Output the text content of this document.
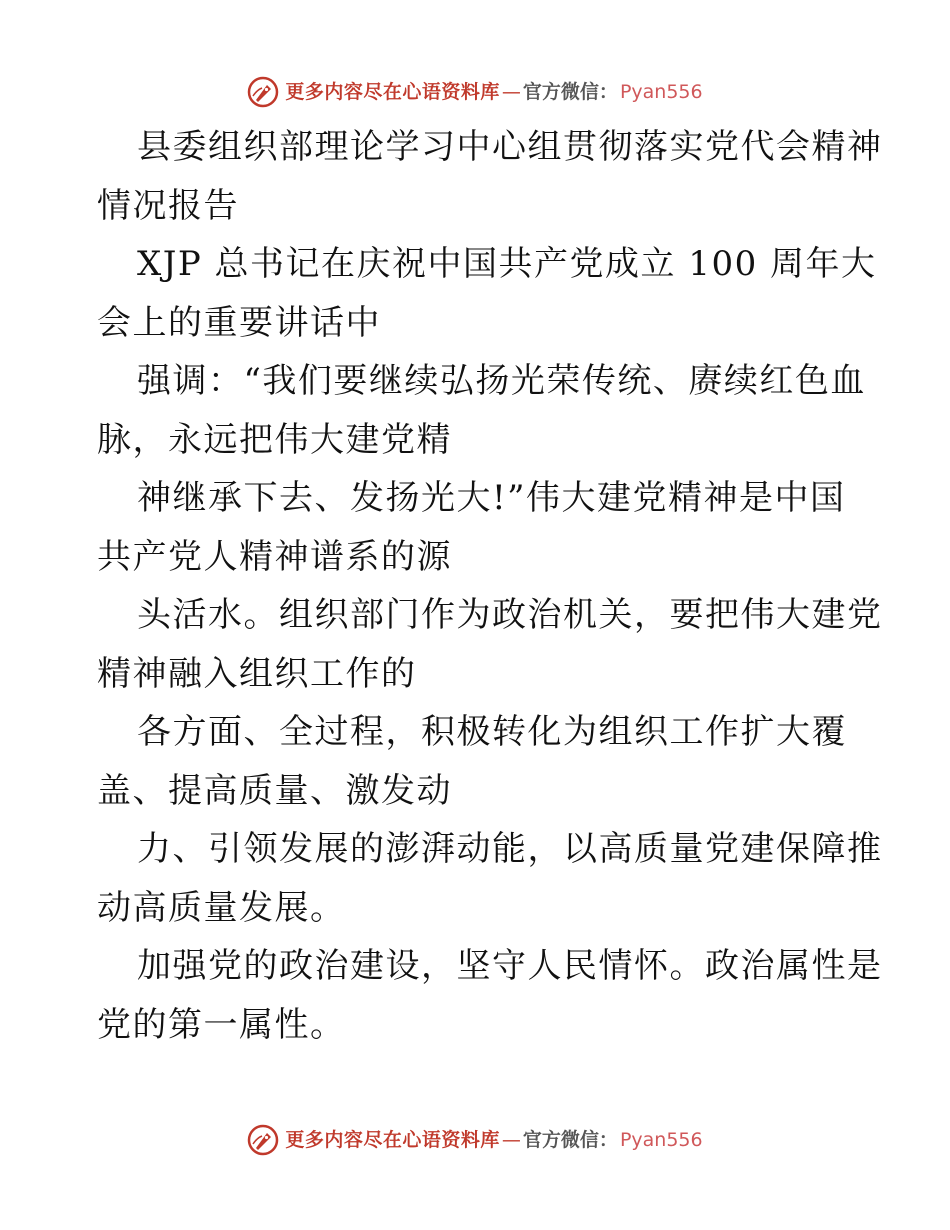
更多内容尽在心语资料库 — 官方微信： Pyan556
县委组织部理论学习中心组贯彻落实党代会精神
情况报告
XJP 总书记在庆祝中国共产党成立 100 周年大
会上的重要讲话中
强调：“我们要继续弘扬光荣传统、赓续红色血
脉，永远把伟大建党精
神继承下去、发扬光大!”伟大建党精神是中国
共产党人精神谱系的源
头活水。组织部门作为政治机关，要把伟大建党
精神融入组织工作的
各方面、全过程，积极转化为组织工作扩大覆
盖、提高质量、激发动
力、引领发展的澎湃动能，以高质量党建保障推
动高质量发展。
加强党的政治建设，坚守人民情怀。政治属性是
党的第一属性。
更多内容尽在心语资料库 — 官方微信： Pyan556
